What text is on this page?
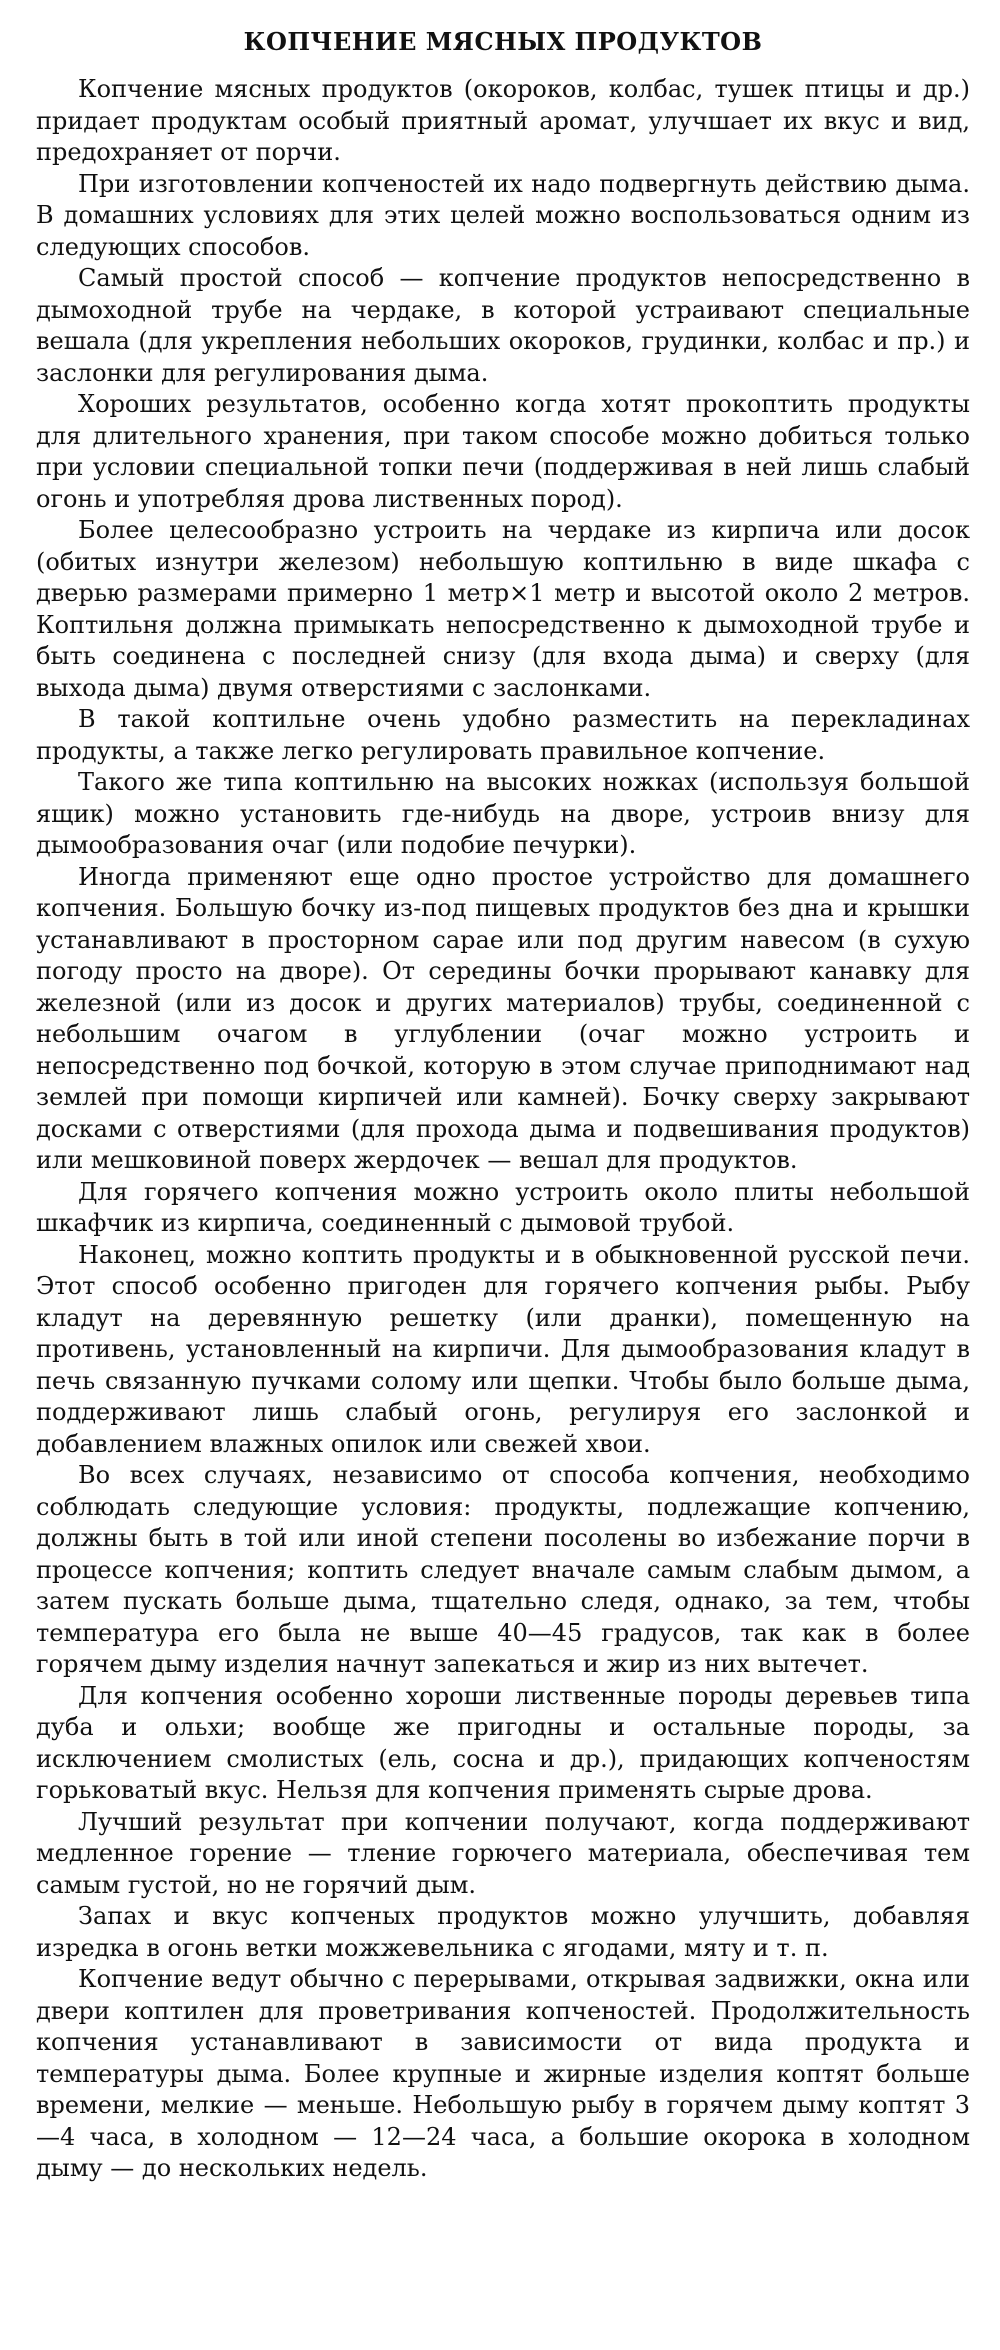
КОПЧЕНИЕ МЯСНЫХ ПРОДУКТОВ

Копчение мясных продуктов (окороков, колбас, тушек птицы и др.) придает продуктам особый приятный аромат, улучшает их вкус и вид, предохраняет от порчи.

При изготовлении копченостей их надо подвергнуть действию дыма. В домашних условиях для этих целей можно воспользоваться одним из следующих способов.

Самый простой способ — копчение продуктов непосредственно в дымоходной трубе на чердаке, в которой устраивают специальные вешала (для укрепления небольших окороков, грудинки, колбас и пр.) и заслонки для регулирования дыма.

Хороших результатов, особенно когда хотят прокоптить продукты для длительного хранения, при таком способе можно добиться только при условии специальной топки печи (поддерживая в ней лишь слабый огонь и употребляя дрова лиственных пород).

Более целесообразно устроить на чердаке из кирпича или досок (обитых изнутри железом) небольшую коптильню в виде шкафа с дверью размерами примерно 1 метр×1 метр и высотой около 2 метров. Коптильня должна примыкать непосредственно к дымоходной трубе и быть соединена с последней снизу (для входа дыма) и сверху (для выхода дыма) двумя отверстиями с заслонками.

В такой коптильне очень удобно разместить на перекладинах продукты, а также легко регулировать правильное копчение.

Такого же типа коптильню на высоких ножках (используя большой ящик) можно установить где-нибудь на дворе, устроив внизу для дымообразования очаг (или подобие печурки).

Иногда применяют еще одно простое устройство для домашнего копчения. Большую бочку из-под пищевых продуктов без дна и крышки устанавливают в просторном сарае или под другим навесом (в сухую погоду просто на дворе). От середины бочки прорывают канавку для железной (или из досок и других материалов) трубы, соединенной с небольшим очагом в углублении (очаг можно устроить и непосредственно под бочкой, которую в этом случае приподнимают над землей при помощи кирпичей или камней). Бочку сверху закрывают досками с отверстиями (для прохода дыма и подвешивания продуктов) или мешковиной поверх жердочек — вешал для продуктов.

Для горячего копчения можно устроить около плиты небольшой шкафчик из кирпича, соединенный с дымовой трубой.

Наконец, можно коптить продукты и в обыкновенной русской печи. Этот способ особенно пригоден для горячего копчения рыбы. Рыбу кладут на деревянную решетку (или дранки), помещенную на противень, установленный на кирпичи. Для дымообразования кладут в печь связанную пучками солому или щепки. Чтобы было больше дыма, поддерживают лишь слабый огонь, регулируя его заслонкой и добавлением влажных опилок или свежей хвои.

Во всех случаях, независимо от способа копчения, необходимо соблюдать следующие условия: продукты, подлежащие копчению, должны быть в той или иной степени посолены во избежание порчи в процессе копчения; коптить следует вначале самым слабым дымом, а затем пускать больше дыма, тщательно следя, однако, за тем, чтобы температура его была не выше 40—45 градусов, так как в более горячем дыму изделия начнут запекаться и жир из них вытечет.

Для копчения особенно хороши лиственные породы деревьев типа дуба и ольхи; вообще же пригодны и остальные породы, за исключением смолистых (ель, сосна и др.), придающих копченостям горьковатый вкус. Нельзя для копчения применять сырые дрова.

Лучший результат при копчении получают, когда поддерживают медленное горение — тление горючего материала, обеспечивая тем самым густой, но не горячий дым.

Запах и вкус копченых продуктов можно улучшить, добавляя изредка в огонь ветки можжевельника с ягодами, мяту и т. п.

Копчение ведут обычно с перерывами, открывая задвижки, окна или двери коптилен для проветривания копченостей. Продолжительность копчения устанавливают в зависимости от вида продукта и температуры дыма. Более крупные и жирные изделия коптят больше времени, мелкие — меньше. Небольшую рыбу в горячем дыму коптят 3—4 часа, в холодном — 12—24 часа, а большие окорока в холодном дыму — до нескольких недель.
